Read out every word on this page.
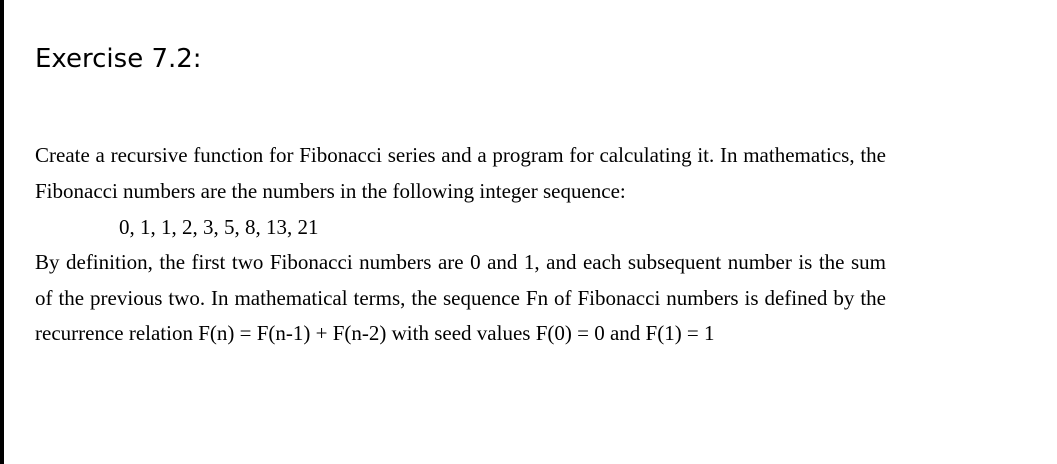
Exercise 7.2:
Create a recursive function for Fibonacci series and a program for calculating it. In mathematics, the Fibonacci numbers are the numbers in the following integer sequence:
0, 1, 1, 2, 3, 5, 8, 13, 21
By definition, the first two Fibonacci numbers are 0 and 1, and each subsequent number is the sum of the previous two. In mathematical terms, the sequence Fn of Fibonacci numbers is defined by the recurrence relation F(n) = F(n-1) + F(n-2) with seed values F(0) = 0 and F(1) = 1
